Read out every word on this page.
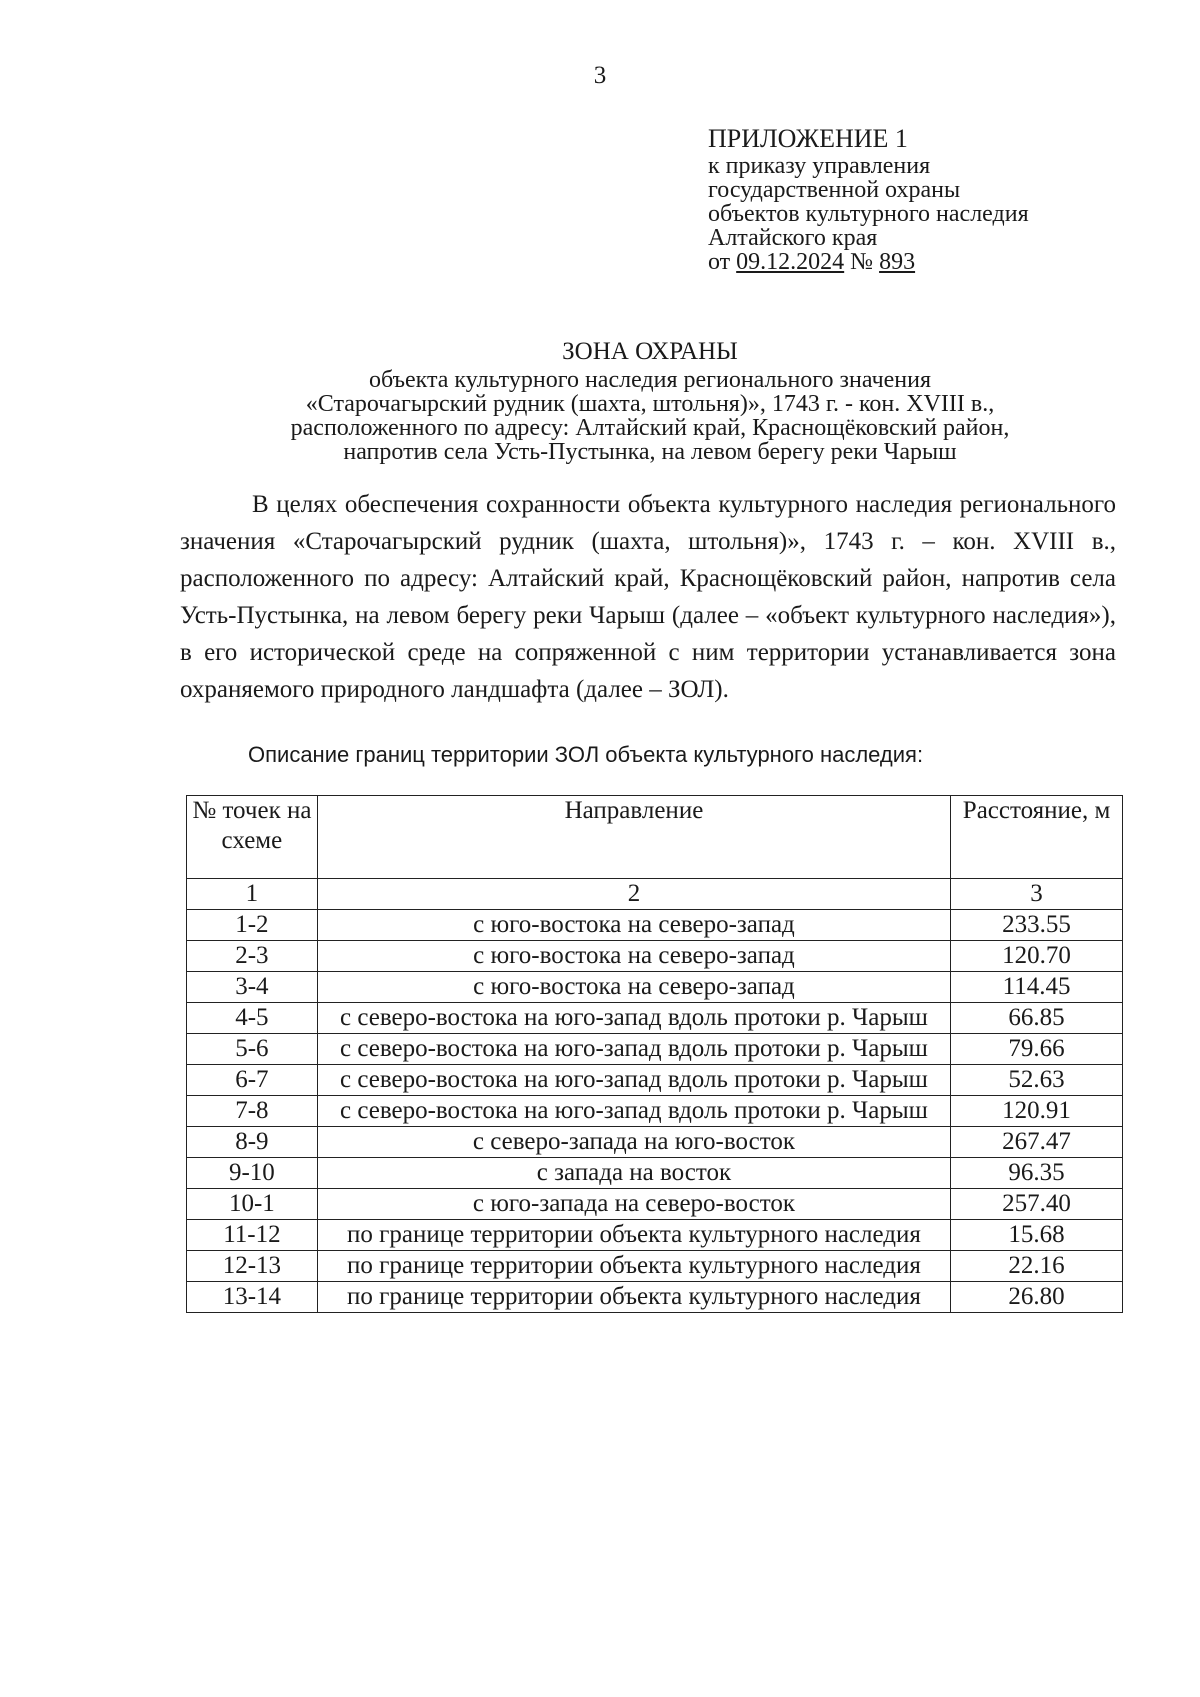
3
ПРИЛОЖЕНИЕ 1
к приказу управления
государственной охраны
объектов культурного наследия
Алтайского края
от 09.12.2024 № 893
ЗОНА ОХРАНЫ
объекта культурного наследия регионального значения
«Старочагырский рудник (шахта, штольня)», 1743 г. - кон. XVIII в.,
расположенного по адресу: Алтайский край, Краснощёковский район,
напротив села Усть-Пустынка, на левом берегу реки Чарыш

В целях обеспечения сохранности объекта культурного наследия регионального значения «Старочагырский рудник (шахта, штольня)», 1743 г. – кон. XVIII в., расположенного по адресу: Алтайский край, Краснощёковский район, напротив села Усть-Пустынка, на левом берегу реки Чарыш (далее – «объект культурного наследия»), в его исторической среде на сопряженной с ним территории устанавливается зона охраняемого природного ландшафта (далее – ЗОЛ).

Описание границ территории ЗОЛ объекта культурного наследия:
№ точек на схеме	Направление	Расстояние, м
1	2	3
1-2	с юго-востока на северо-запад	233.55
2-3	с юго-востока на северо-запад	120.70
3-4	с юго-востока на северо-запад	114.45
4-5	с северо-востока на юго-запад вдоль протоки р. Чарыш	66.85
5-6	с северо-востока на юго-запад вдоль протоки р. Чарыш	79.66
6-7	с северо-востока на юго-запад вдоль протоки р. Чарыш	52.63
7-8	с северо-востока на юго-запад вдоль протоки р. Чарыш	120.91
8-9	с северо-запада на юго-восток	267.47
9-10	с запада на восток	96.35
10-1	с юго-запада на северо-восток	257.40
11-12	по границе территории объекта культурного наследия	15.68
12-13	по границе территории объекта культурного наследия	22.16
13-14	по границе территории объекта культурного наследия	26.80
